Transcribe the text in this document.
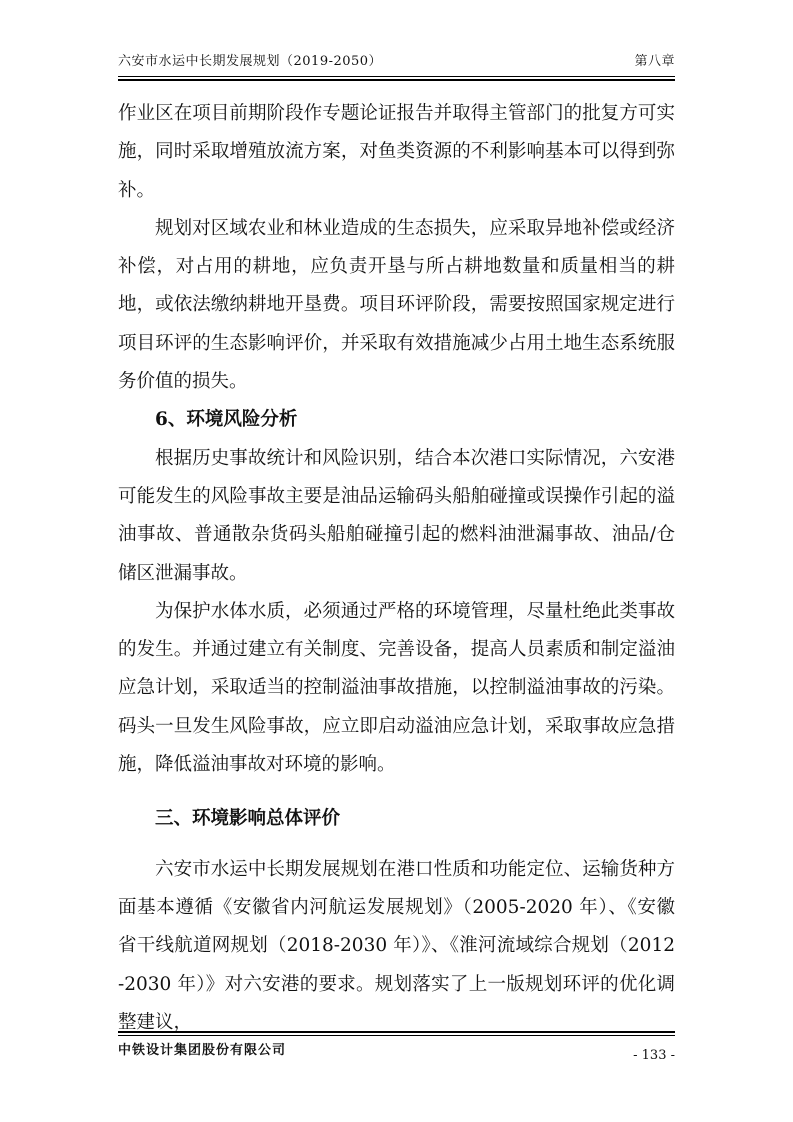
六安市水运中长期发展规划（2019-2050）	第八章

作业区在项目前期阶段作专题论证报告并取得主管部门的批复方可实施，同时采取增殖放流方案，对鱼类资源的不利影响基本可以得到弥补。

规划对区域农业和林业造成的生态损失，应采取异地补偿或经济补偿，对占用的耕地，应负责开垦与所占耕地数量和质量相当的耕地，或依法缴纳耕地开垦费。项目环评阶段，需要按照国家规定进行项目环评的生态影响评价，并采取有效措施减少占用土地生态系统服务价值的损失。

6、环境风险分析

根据历史事故统计和风险识别，结合本次港口实际情况，六安港可能发生的风险事故主要是油品运输码头船舶碰撞或误操作引起的溢油事故、普通散杂货码头船舶碰撞引起的燃料油泄漏事故、油品/仓储区泄漏事故。

为保护水体水质，必须通过严格的环境管理，尽量杜绝此类事故的发生。并通过建立有关制度、完善设备，提高人员素质和制定溢油应急计划，采取适当的控制溢油事故措施，以控制溢油事故的污染。码头一旦发生风险事故，应立即启动溢油应急计划，采取事故应急措施，降低溢油事故对环境的影响。

三、环境影响总体评价

六安市水运中长期发展规划在港口性质和功能定位、运输货种方面基本遵循《安徽省内河航运发展规划》（2005-2020 年）、《安徽省干线航道网规划（2018-2030 年）》、《淮河流域综合规划（2012-2030 年）》对六安港的要求。规划落实了上一版规划环评的优化调整建议，

中铁设计集团股份有限公司	- 133 -
